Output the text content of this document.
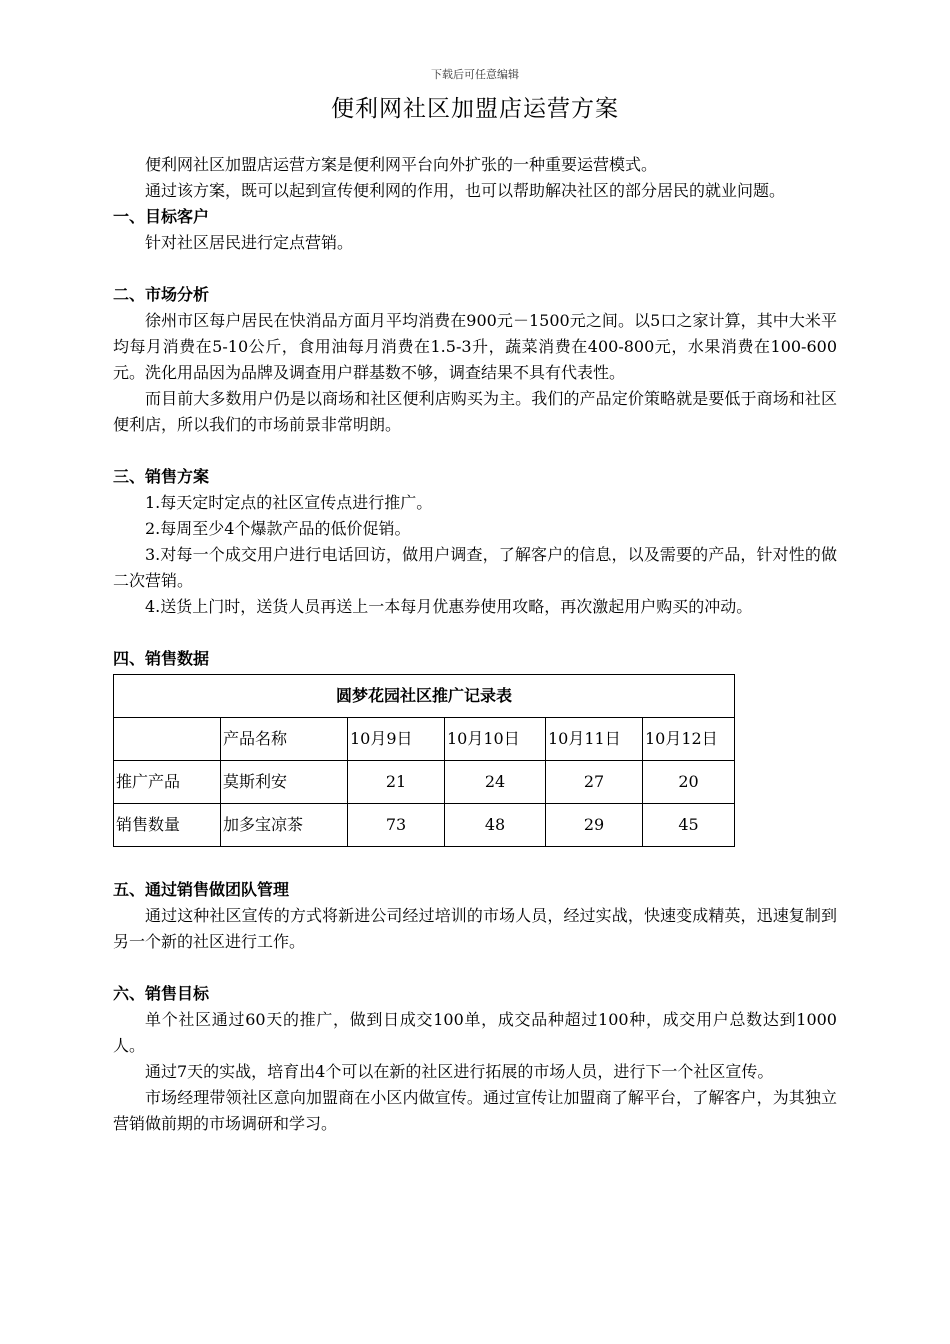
下载后可任意编辑
便利网社区加盟店运营方案

便利网社区加盟店运营方案是便利网平台向外扩张的一种重要运营模式。

通过该方案，既可以起到宣传便利网的作用，也可以帮助解决社区的部分居民的就业问题。

一、目标客户

针对社区居民进行定点营销。

二、市场分析

徐州市区每户居民在快消品方面月平均消费在900元－1500元之间。以5口之家计算，其中大米平均每月消费在5-10公斤，食用油每月消费在1.5-3升，蔬菜消费在400-800元，水果消费在100-600元。洗化用品因为品牌及调查用户群基数不够，调查结果不具有代表性。

而目前大多数用户仍是以商场和社区便利店购买为主。我们的产品定价策略就是要低于商场和社区便利店，所以我们的市场前景非常明朗。

三、销售方案

1.每天定时定点的社区宣传点进行推广。

2.每周至少4个爆款产品的低价促销。

3.对每一个成交用户进行电话回访，做用户调查，了解客户的信息，以及需要的产品，针对性的做二次营销。

4.送货上门时，送货人员再送上一本每月优惠券使用攻略，再次激起用户购买的冲动。

四、销售数据
圆梦花园社区推广记录表					
	产品名称	10月9日	10月10日	10月11日	10月12日
推广产品	莫斯利安	21	24	27	20
销售数量	加多宝凉茶	73	48	29	45
五、通过销售做团队管理

通过这种社区宣传的方式将新进公司经过培训的市场人员，经过实战，快速变成精英，迅速复制到另一个新的社区进行工作。

六、销售目标

单个社区通过60天的推广，做到日成交100单，成交品种超过100种，成交用户总数达到1000人。

通过7天的实战，培育出4个可以在新的社区进行拓展的市场人员，进行下一个社区宣传。

市场经理带领社区意向加盟商在小区内做宣传。通过宣传让加盟商了解平台，了解客户，为其独立营销做前期的市场调研和学习。
